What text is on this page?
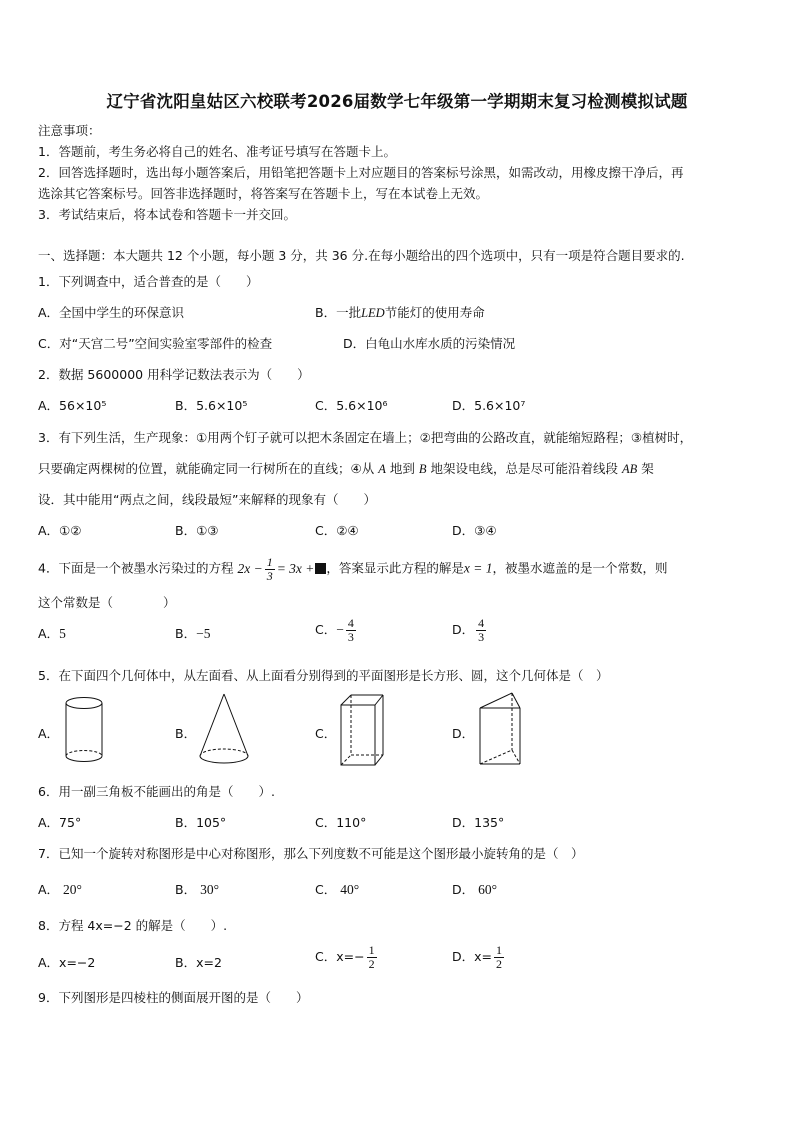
辽宁省沈阳皇姑区六校联考2026届数学七年级第一学期期末复习检测模拟试题
注意事项：
1．答题前，考生务必将自己的姓名、准考证号填写在答题卡上。
2．回答选择题时，选出每小题答案后，用铅笔把答题卡上对应题目的答案标号涂黑，如需改动，用橡皮擦干净后，再
选涂其它答案标号。回答非选择题时，将答案写在答题卡上，写在本试卷上无效。
3．考试结束后，将本试卷和答题卡一并交回。
一、选择题：本大题共 12 个小题，每小题 3 分，共 36 分.在每小题给出的四个选项中，只有一项是符合题目要求的.
1．下列调查中，适合普查的是（　　）
A．全国中学生的环保意识	B．一批LED节能灯的使用寿命
C．对“天宫二号”空间实验室零部件的检查	D．白龟山水库水质的污染情况
2．数据 5600000 用科学记数法表示为（　　）
A．56×10⁵	B．5.6×10⁵	C．5.6×10⁶	D．5.6×10⁷
3．有下列生活，生产现象：①用两个钉子就可以把木条固定在墙上；②把弯曲的公路改直，就能缩短路程；③植树时，
只要确定两棵树的位置，就能确定同一行树所在的直线；④从 A 地到 B 地架设电线，总是尽可能沿着线段 AB 架
设．其中能用“两点之间，线段最短”来解释的现象有（　　）
A．①②	B．①③	C．②④	D．③④
4．下面是一个被墨水污染过的方程 $2x - \frac{1}{3} = 3x$ + ，答案显示此方程的解是x = 1，被墨水遮盖的是一个常数，则
这个常数是（　　　　）
A．5	B．−5	C．− $\frac{4}{3}$	D． $\frac{4}{3}$
5．在下面四个几何体中，从左面看、从上面看分别得到的平面图形是长方形、圆，这个几何体是（　）
A．	B．	C．	D．
6．用一副三角板不能画出的角是（　　）.
A．75°	B．105°	C．110°	D．135°
7．已知一个旋转对称图形是中心对称图形，那么下列度数不可能是这个图形最小旋转角的是（　）
A． 20°	B． 30°	C． 40°	D． 60°
8．方程 4x=−2 的解是（　　）.
A．x=−2	B．x=2	C．$x=- \frac{1}{2}$	D．$x= \frac{1}{2}$
9．下列图形是四棱柱的侧面展开图的是（　　）
